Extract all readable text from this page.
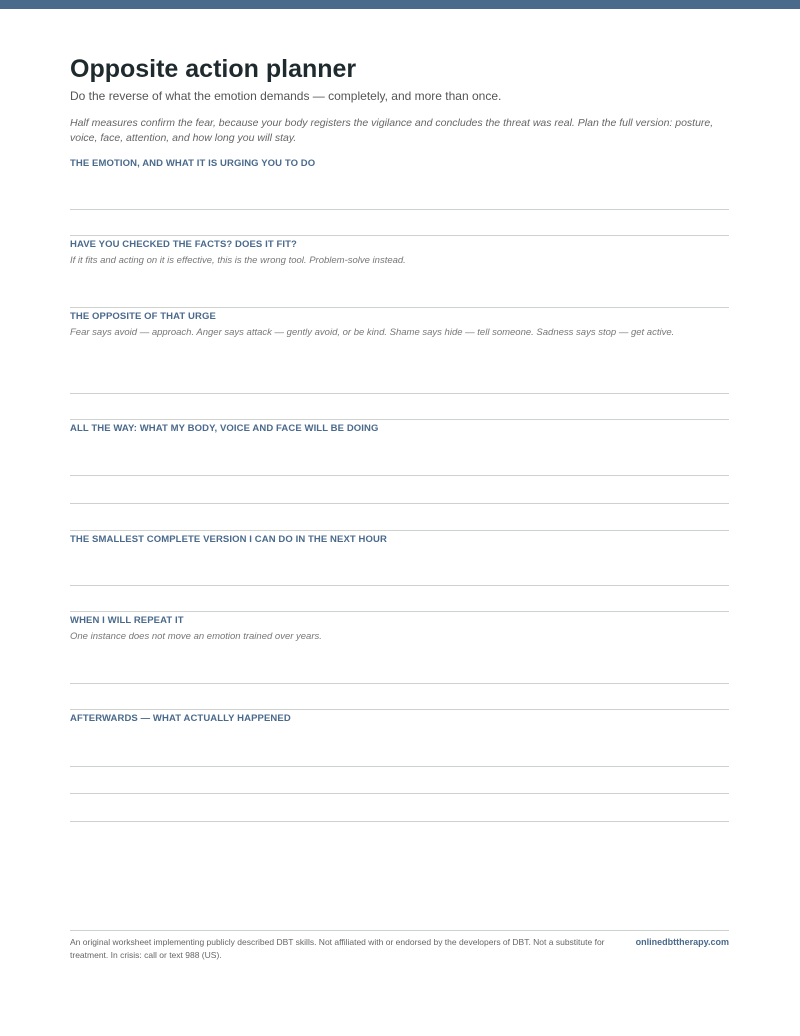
Opposite action planner
Do the reverse of what the emotion demands — completely, and more than once.
Half measures confirm the fear, because your body registers the vigilance and concludes the threat was real. Plan the full version: posture, voice, face, attention, and how long you will stay.
THE EMOTION, AND WHAT IT IS URGING YOU TO DO
HAVE YOU CHECKED THE FACTS? DOES IT FIT?
If it fits and acting on it is effective, this is the wrong tool. Problem-solve instead.
THE OPPOSITE OF THAT URGE
Fear says avoid — approach. Anger says attack — gently avoid, or be kind. Shame says hide — tell someone. Sadness says stop — get active.
ALL THE WAY: WHAT MY BODY, VOICE AND FACE WILL BE DOING
THE SMALLEST COMPLETE VERSION I CAN DO IN THE NEXT HOUR
WHEN I WILL REPEAT IT
One instance does not move an emotion trained over years.
AFTERWARDS — WHAT ACTUALLY HAPPENED
An original worksheet implementing publicly described DBT skills. Not affiliated with or endorsed by the developers of DBT. Not a substitute for treatment. In crisis: call or text 988 (US).
onlinedbttherapy.com
